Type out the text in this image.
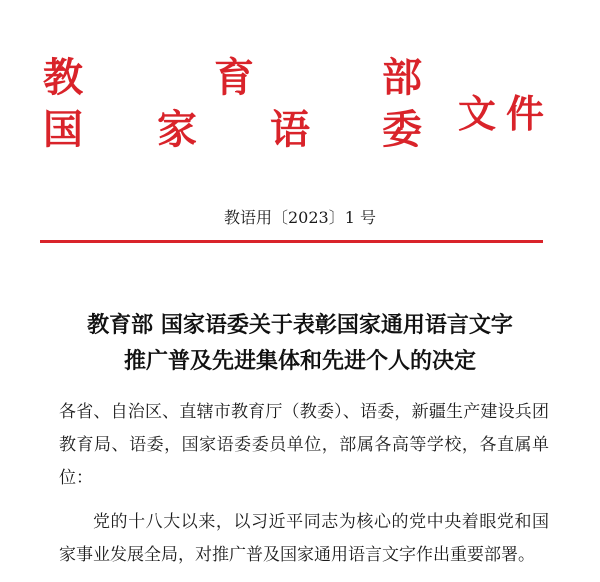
教	育	部
国 家 语 委 文件
教语用〔2023〕1 号
教育部 国家语委关于表彰国家通用语言文字
推广普及先进集体和先进个人的决定

各省、自治区、直辖市教育厅（教委）、语委，新疆生产建设兵团教育局、语委，国家语委委员单位，部属各高等学校，各直属单位：

党的十八大以来，以习近平同志为核心的党中央着眼党和国家事业发展全局，对推广普及国家通用语言文字作出重要部署。
